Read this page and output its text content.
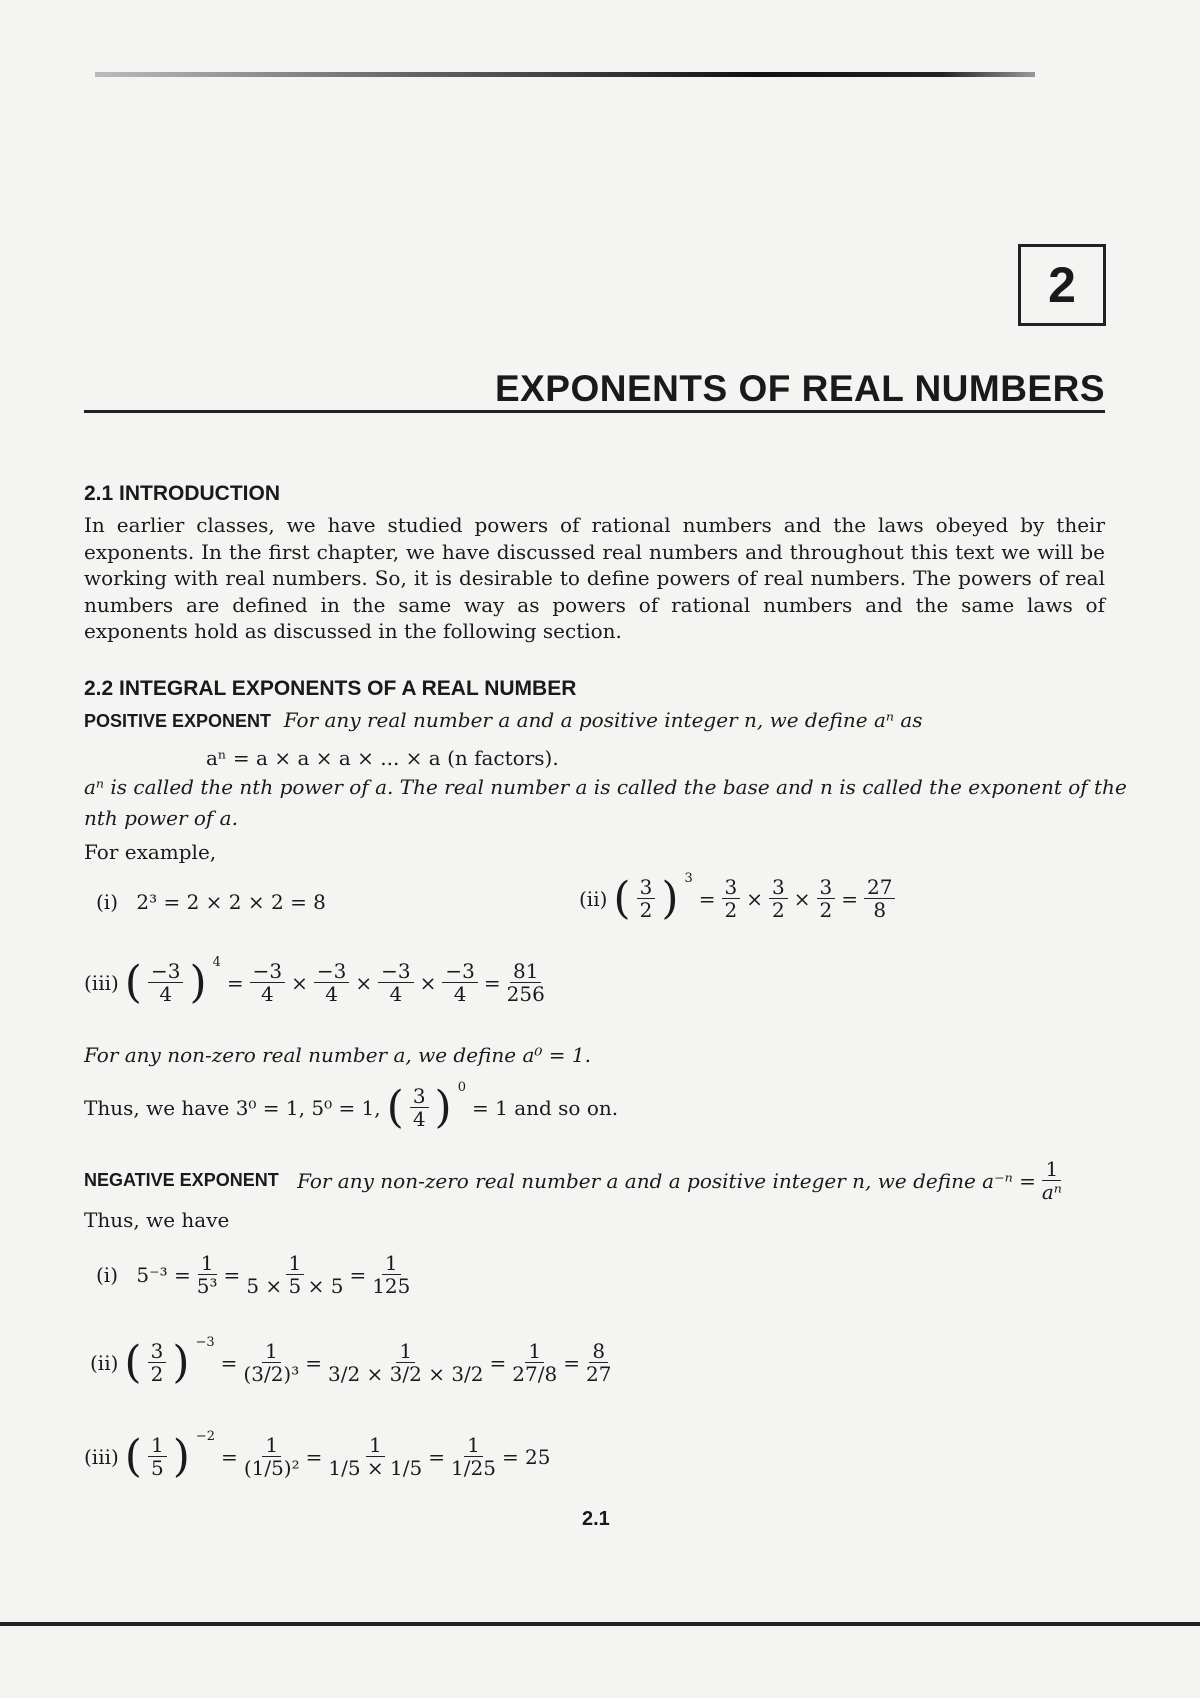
2
EXPONENTS OF REAL NUMBERS
2.1 INTRODUCTION
In earlier classes, we have studied powers of rational numbers and the laws obeyed by their exponents. In the first chapter, we have discussed real numbers and throughout this text we will be working with real numbers. So, it is desirable to define powers of real numbers. The powers of real numbers are defined in the same way as powers of rational numbers and the same laws of exponents hold as discussed in the following section.
2.2 INTEGRAL EXPONENTS OF A REAL NUMBER
POSITIVE EXPONENT For any real number a and a positive integer n, we define aⁿ as
aⁿ = a × a × a × ... × a (n factors).
aⁿ is called the nth power of a. The real number a is called the base and n is called the exponent of the
nth power of a.
For example,
(i)
2³ = 2 × 2 × 2 = 8	(ii) ( 3
2 ) $^3$
= 3
2 × 3
2 × 3
2 = 27
8
(iii) ( −3
4 ) $^4$
= −3
4 × −3
4 × −3
4 × −3
4 = 81
256
For any non-zero real number a, we define a⁰ = 1.
Thus, we have 3⁰ = 1, 5⁰ = 1, ( 3
4 ) $^0$
= 1 and so on.
NEGATIVE EXPONENT
For any non-zero real number a and a positive integer n, we define $a^{-n} = \frac{1}{\text{aⁿ}}$
Thus, we have
(i)
$5^{-3} = \frac{1}{\text{5³}} = 1$
5 × 5 × 5 = 1
125
(ii) ( 3
2 ) $^{-3}$
= 1
(3/2)³ =	1
3/2 × 3/2 × 3/2 = 1
27/8 = 8
27
(iii) ( 1
5 ) $^{-2}$
= 1
(1/5)² = 1
$1/5 \times 1/5 = \frac{1}{1/25} = 25$
2.1
